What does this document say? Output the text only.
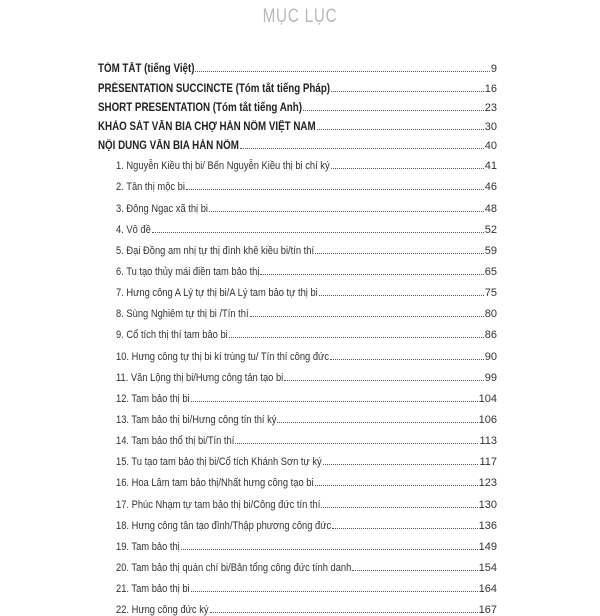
MỤC LỤC
TÓM TẮT (tiếng Việt)	9
PRÉSENTATION SUCCINCTE (Tóm tắt tiếng Pháp)	16
SHORT PRESENTATION (Tóm tắt tiếng Anh)	23
KHẢO SÁT VĂN BIA CHỢ HÁN NÔM VIỆT NAM	30
NỘI DUNG VĂN BIA HÁN NÔM	40
1. Nguyễn Kiều thị bi/ Bến Nguyễn Kiều thị bi chí ký	41
2. Tân thị mộc bi	46
3. Đông Ngạc xã thị bi	48
4. Vô đề	52
5. Đại Đồng am nhị tự thị đình khê kiều bi/tín thí	59
6. Tu tạo thủy mái điền tam bảo thị	65
7. Hưng công A Lý tự thị bi/A Lý tam bảo tự thị bi	75
8. Sùng Nghiêm tự thị bi /Tín thí	80
9. Cổ tích thị thí tam bảo bi	86
10. Hưng công tự thị bi kí trùng tu/ Tín thí công đức	90
11. Văn Lộng thị bi/Hưng công tản tạo bi	99
12. Tam bảo thị bi	104
13. Tam bảo thị bi/Hưng công tín thí ký	106
14. Tam bảo thổ thị bi/Tín thí	113
15. Tu tạo tam bảo thị bi/Cổ tích Khánh Sơn tự ký	117
16. Hoa Lâm tam bảo thị/Nhất hưng công tạo bi	123
17. Phúc Nhạm tự tam bảo thị bi/Công đức tín thí	130
18. Hưng công tân tạo đình/Thập phương công đức	136
19. Tam bảo thị	149
20. Tam bảo thị quán chí bi/Bản tổng công đức tính danh	154
21. Tam bảo thị bi	164
22. Hưng công đức ký	167
